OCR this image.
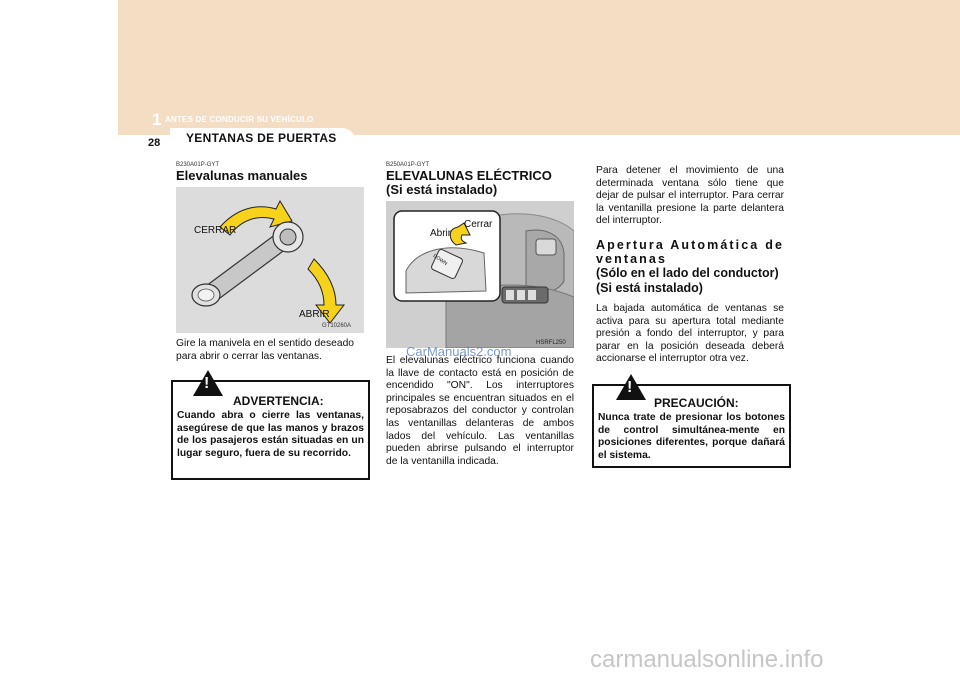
1 ANTES DE CONDUCIR SU VEHÍCULO
28 YENTANAS DE PUERTAS
B230A01P-GYT
Elevalunas manuales
CERRAR
ABRIR
GT10260A
Gire la manivela en el sentido deseado para abrir o cerrar las ventanas.
!
ADVERTENCIA:
Cuando abra o cierre las ventanas, asegúrese de que las manos y brazos de los pasajeros están situadas en un lugar seguro, fuera de su recorrido.
B250A01P-GYT
ELEVALUNAS ELÉCTRICO
(Si está instalado)
Abrir
Cerrar
DOWN
HSRFL250
CarManuals2.com
El elevalunas eléctrico funciona cuando la llave de contacto está en posición de encendido "ON". Los interruptores principales se encuentran situados en el reposabrazos del conductor y controlan las ventanillas delanteras de ambos lados del vehículo. Las ventanillas pueden abrirse pulsando el interruptor de la ventanilla indicada.
Para detener el movimiento de una determinada ventana sólo tiene que dejar de pulsar el interruptor. Para cerrar la ventanilla presione la parte delantera del interruptor.
Apertura Automática de ventanas
(Sólo en el lado del conductor)
(Si está instalado)
La bajada automática de ventanas se activa para su apertura total mediante presión a fondo del interruptor, y para parar en la posición deseada deberá accionarse el interruptor otra vez.
!
PRECAUCIÓN:
Nunca trate de presionar los botones de control simultánea-mente en posiciones diferentes, porque dañará el sistema.
carmanualsonline.info
